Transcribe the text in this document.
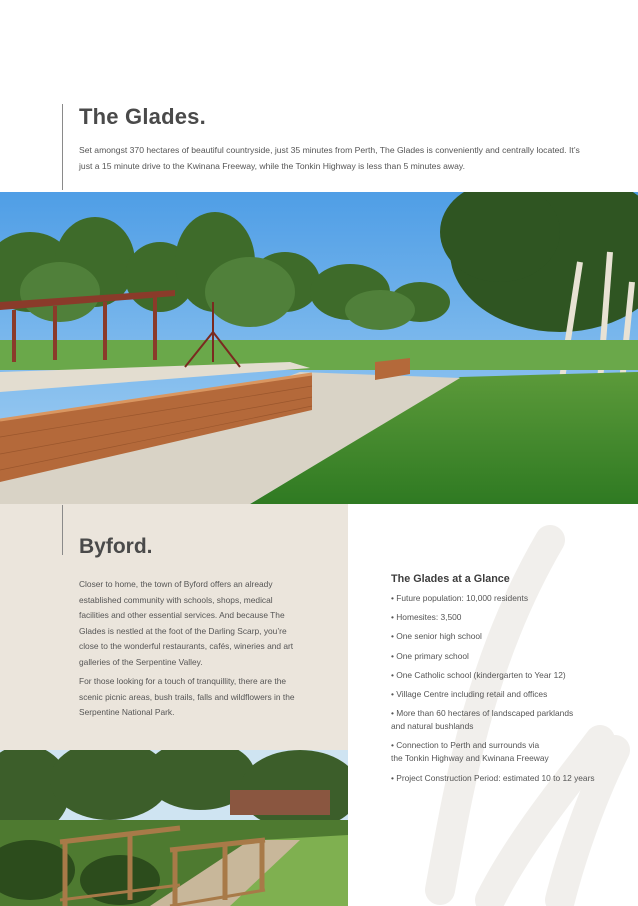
The Glades.

Set amongst 370 hectares of beautiful countryside, just 35 minutes from Perth, The Glades is conveniently and centrally located. It’s just a 15 minute drive to the Kwinana Freeway, while the Tonkin Highway is less than 5 minutes away.

Byford.

Closer to home, the town of Byford offers an already established community with schools, shops, medical facilities and other essential services. And because The Glades is nestled at the foot of the Darling Scarp, you’re close to the wonderful restaurants, cafés, wineries and art galleries of the Serpentine Valley.

For those looking for a touch of tranquillity, there are the scenic picnic areas, bush trails, falls and wildflowers in the Serpentine National Park.

The Glades at a Glance
• Future population: 10,000 residents
• Homesites: 3,500
• One senior high school
• One primary school
• One Catholic school (kindergarten to Year 12)
• Village Centre including retail and offices
• More than 60 hectares of landscaped parklands
and natural bushlands
• Connection to Perth and surrounds via
the Tonkin Highway and Kwinana Freeway
• Project Construction Period: estimated 10 to 12 years
